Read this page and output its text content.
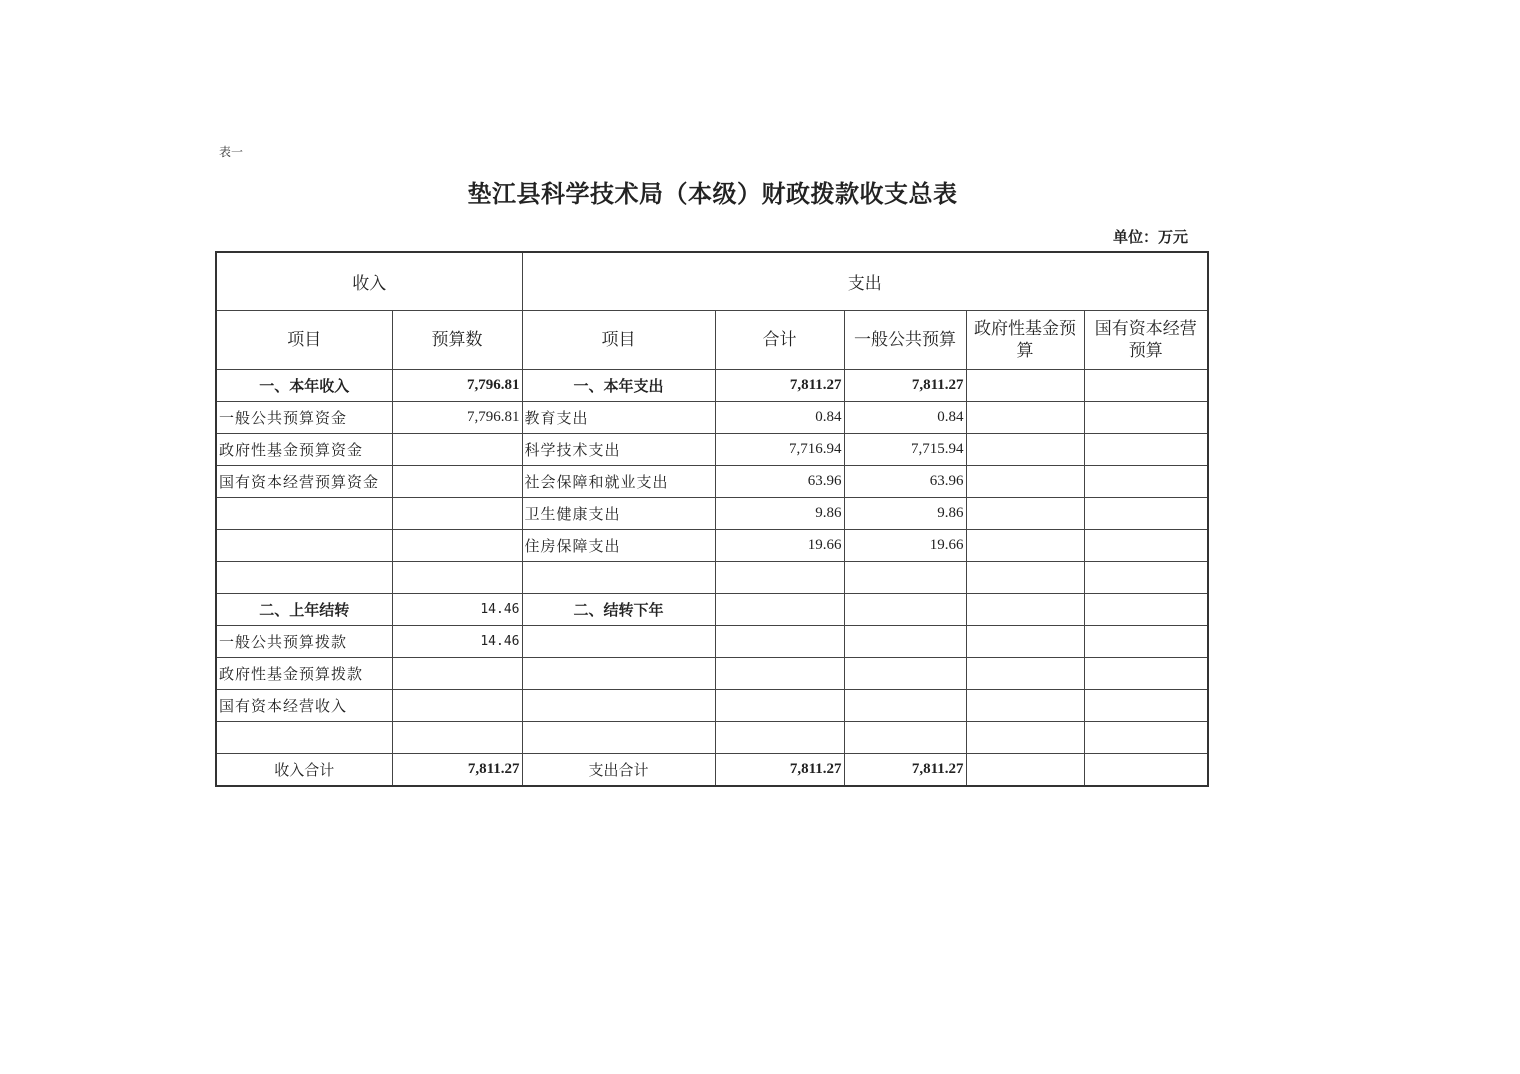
表一
垫江县科学技术局（本级）财政拨款收支总表
单位：万元
收入		支出				
项目	预算数	项目	合计	一般公共预算	政府性基金预算	国有资本经营预算
一、本年收入	7,796.81	一、本年支出	7,811.27	7,811.27		
一般公共预算资金	7,796.81	教育支出	0.84	0.84		
政府性基金预算资金		科学技术支出	7,716.94	7,715.94		
国有资本经营预算资金		社会保障和就业支出	63.96	63.96		
		卫生健康支出	9.86	9.86		
		住房保障支出	19.66	19.66		

二、上年结转	14.46	二、结转下年				
一般公共预算拨款	14.46					
政府性基金预算拨款						
国有资本经营收入						

收入合计	7,811.27	支出合计	7,811.27	7,811.27		
